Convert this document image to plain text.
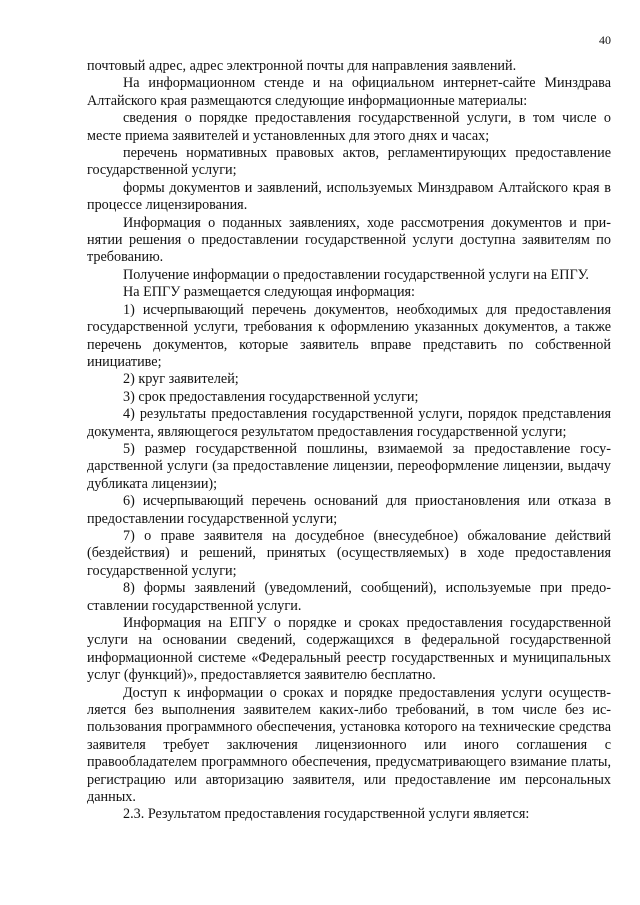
40

почтовый адрес, адрес электронной почты для направления заявлений.

На информационном стенде и на официальном интернет-сайте Минздрава Алтайского края размещаются следующие информационные материалы:

сведения о порядке предоставления государственной услуги, в том числе о месте приема заявителей и установленных для этого днях и часах;

перечень нормативных правовых актов, регламентирующих предоставление государственной услуги;

формы документов и заявлений, используемых Минздравом Алтайского края в процессе лицензирования.

Информация о поданных заявлениях, ходе рассмотрения документов и принятии решения о предоставлении государственной услуги доступна заявителям по требованию.

Получение информации о предоставлении государственной услуги на ЕПГУ.

На ЕПГУ размещается следующая информация:

1) исчерпывающий перечень документов, необходимых для предоставления государственной услуги, требования к оформлению указанных документов, а также перечень документов, которые заявитель вправе представить по собственной инициативе;

2) круг заявителей;

3) срок предоставления государственной услуги;

4) результаты предоставления государственной услуги, порядок представления документа, являющегося результатом предоставления государственной услуги;

5) размер государственной пошлины, взимаемой за предоставление государственной услуги (за предоставление лицензии, переоформление лицензии, выдачу дубликата лицензии);

6) исчерпывающий перечень оснований для приостановления или отказа в предоставлении государственной услуги;

7) о праве заявителя на досудебное (внесудебное) обжалование действий (бездействия) и решений, принятых (осуществляемых) в ходе предоставления государственной услуги;

8) формы заявлений (уведомлений, сообщений), используемые при предоставлении государственной услуги.

Информация на ЕПГУ о порядке и сроках предоставления государственной услуги на основании сведений, содержащихся в федеральной государственной информационной системе «Федеральный реестр государственных и муниципальных услуг (функций)», предоставляется заявителю бесплатно.

Доступ к информации о сроках и порядке предоставления услуги осуществляется без выполнения заявителем каких-либо требований, в том числе без использования программного обеспечения, установка которого на технические средства заявителя требует заключения лицензионного или иного соглашения с правообладателем программного обеспечения, предусматривающего взимание платы, регистрацию или авторизацию заявителя, или предоставление им персональных данных.

2.3. Результатом предоставления государственной услуги является:
